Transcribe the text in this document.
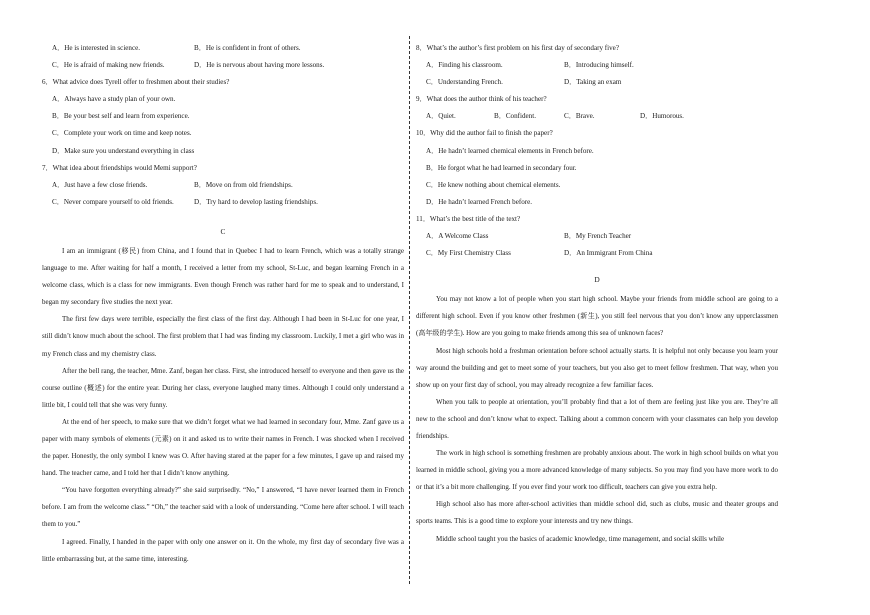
A．He is interested in science.	B．He is confident in front of others.
C．He is afraid of making new friends.	D．He is nervous about having more lessons.
6．What advice does Tyrell offer to freshmen about their studies?
A．Always have a study plan of your own.
B．Be your best self and learn from experience.
C．Complete your work on time and keep notes.
D．Make sure you understand everything in class
7．What idea about friendships would Memi support?
A．Just have a few close friends.	B．Move on from old friendships.
C．Never compare yourself to old friends.	D．Try hard to develop lasting friendships.
C

I am an immigrant (移民) from China, and I found that in Quebec I had to learn French, which was a totally strange language to me. After waiting for half a month, I received a letter from my school, St-Luc, and began learning French in a welcome class, which is a class for new immigrants. Even though French was rather hard for me to speak and to understand, I began my secondary five studies the next year.

The first few days were terrible, especially the first class of the first day. Although I had been in St-Luc for one year, I still didn’t know much about the school. The first problem that I had was finding my classroom. Luckily, I met a girl who was in my French class and my chemistry class.

After the bell rang, the teacher, Mme. Zanf, began her class. First, she introduced herself to everyone and then gave us the course outline (概述) for the entire year. During her class, everyone laughed many times. Although I could only understand a little bit, I could tell that she was very funny.

At the end of her speech, to make sure that we didn’t forget what we had learned in secondary four, Mme. Zanf gave us a paper with many symbols of elements (元素) on it and asked us to write their names in French. I was shocked when I received the paper. Honestly, the only symbol I knew was O. After having stared at the paper for a few minutes, I gave up and raised my hand. The teacher came, and I told her that I didn’t know anything.

“You have forgotten everything already?” she said surprisedly. “No,” I answered, “I have never learned them in French before. I am from the welcome class.” “Oh,” the teacher said with a look of understanding. “Come here after school. I will teach them to you.”

I agreed. Finally, I handed in the paper with only one answer on it. On the whole, my first day of secondary five was a little embarrassing but, at the same time, interesting.

8．What’s the author’s first problem on his first day of secondary five?
A．Finding his classroom.	B．Introducing himself.
C．Understanding French.	D．Taking an exam
9．What does the author think of his teacher?
A．Quiet.	B．Confident.	C．Brave.	D．Humorous.
10．Why did the author fail to finish the paper?
A．He hadn’t learned chemical elements in French before.
B．He forgot what he had learned in secondary four.
C．He knew nothing about chemical elements.
D．He hadn’t learned French before.
11．What’s the best title of the text?
A．A Welcome Class	B．My French Teacher
C．My First Chemistry Class	D．An Immigrant From China
D

You may not know a lot of people when you start high school. Maybe your friends from middle school are going to a different high school. Even if you know other freshmen (新生), you still feel nervous that you don’t know any upperclassmen (高年级的学生). How are you going to make friends among this sea of unknown faces?

Most high schools hold a freshman orientation before school actually starts. It is helpful not only because you learn your way around the building and get to meet some of your teachers, but you also get to meet fellow freshmen. That way, when you show up on your first day of school, you may already recognize a few familiar faces.

When you talk to people at orientation, you’ll probably find that a lot of them are feeling just like you are. They’re all new to the school and don’t know what to expect. Talking about a common concern with your classmates can help you develop friendships.

The work in high school is something freshmen are probably anxious about. The work in high school builds on what you learned in middle school, giving you a more advanced knowledge of many subjects. So you may find you have more work to do or that it’s a bit more challenging. If you ever find your work too difficult, teachers can give you extra help.

High school also has more after-school activities than middle school did, such as clubs, music and theater groups and sports teams. This is a good time to explore your interests and try new things.

Middle school taught you the basics of academic knowledge, time management, and social skills while
